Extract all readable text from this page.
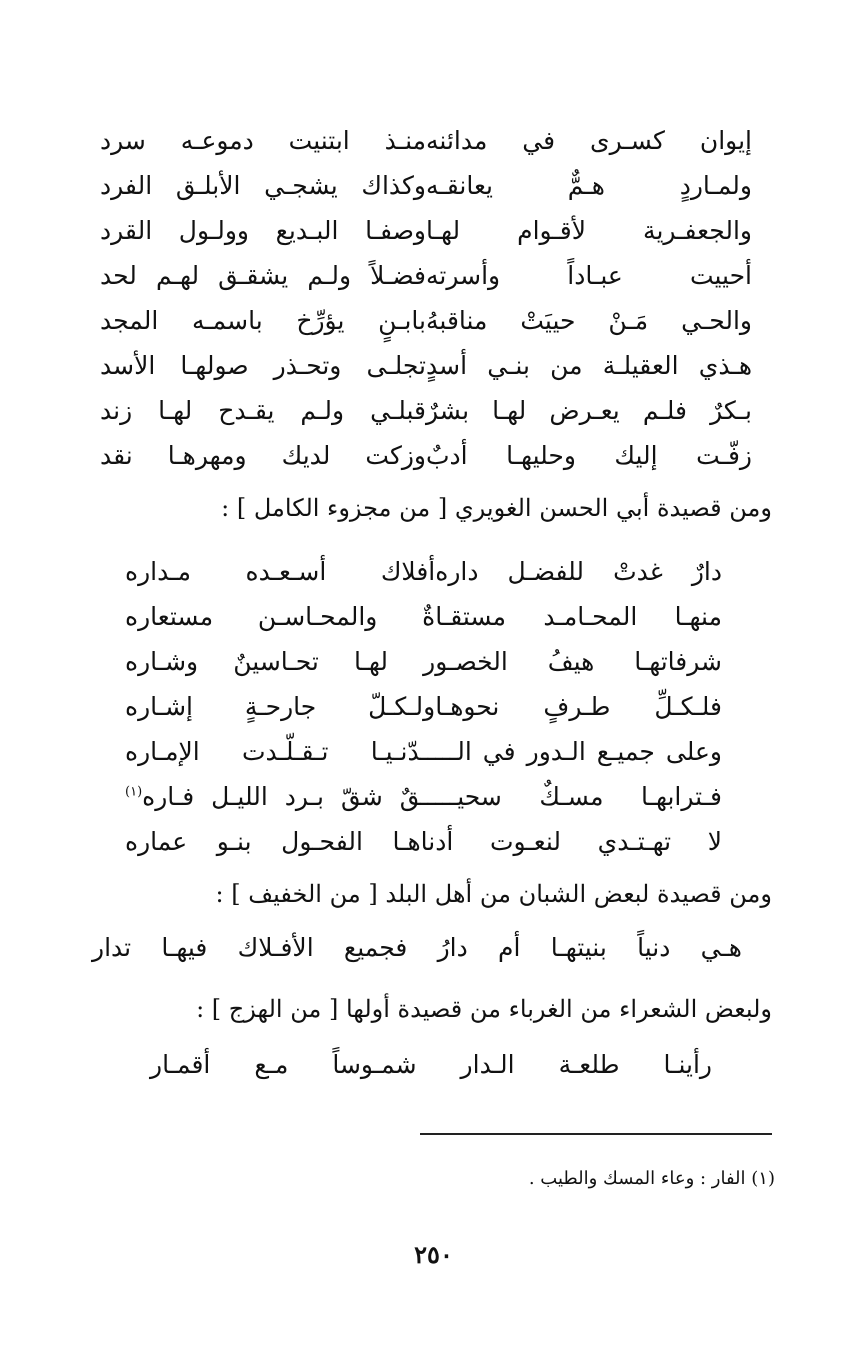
إيوان كسـرى في مدائنه
منـذ ابتنيت دموعـه سرد
ولمـاردٍ هـمٌّ يعانقـه
وكذاك يشجـي الأبلـق الفرد
والجعفـرية لأقـوام لهـا
وصفـا البـديع وولـول القرد
أحييت عبـاداً وأسرته
فضـلاً ولـم يشقـق لهـم لحد
والحـي مَـنْ حييَتْ مناقبهُ
بابـنٍ يؤرِّخ باسمـه المجد
هـذي العقيلـة من بنـي أسدٍ
تجلـى وتحـذر صولهـا الأسد
بـكرٌ فلـم يعـرض لهـا بشرٌ
قبلـي ولـم يقـدح لهـا زند
زفّـت إليك وحليهـا أدبٌ
وزكت لديك ومهرهـا نقد
ومن قصيدة أبي الحسن الغويري [ من مجزوء الكامل ] :
دارٌ غدتْ للفضـل داره
أفلاك أسـعـده مـداره
منهـا المحـامـد مستقـا
ةٌ والمحـاسـن مستعاره
شرفاتهـا هيفُ الخصـو
ر لهـا تحـاسينٌ وشـاره
فلـكـلِّ طـرفٍ نحوهـا
ولـكـلّ جارحـةٍ إشـاره
وعلى جميـع الـدور في الـــ
ــدّنـيـا تـقـلّـدت الإمـاره
فـترابهـا مسـكٌ سحيـــ
ــقٌ شقّ بـرد الليـل فـاره$^{(١)}$
لا تهـتـدي لنعـوت أد
ناهـا الفحـول بنـو عماره
ومن قصيدة لبعض الشبان من أهل البلد [ من الخفيف ] :
هـي دنياً بنيتهـا أم دارُ فجميع الأفـلاك فيهـا تدار
ولبعض الشعراء من الغرباء من قصيدة أولها [ من الهزج ] :
رأينـا طلعـة الـدار شمـوساً مـع أقمـار
(١) الفار : وعاء المسك والطيب .
٢٥٠
